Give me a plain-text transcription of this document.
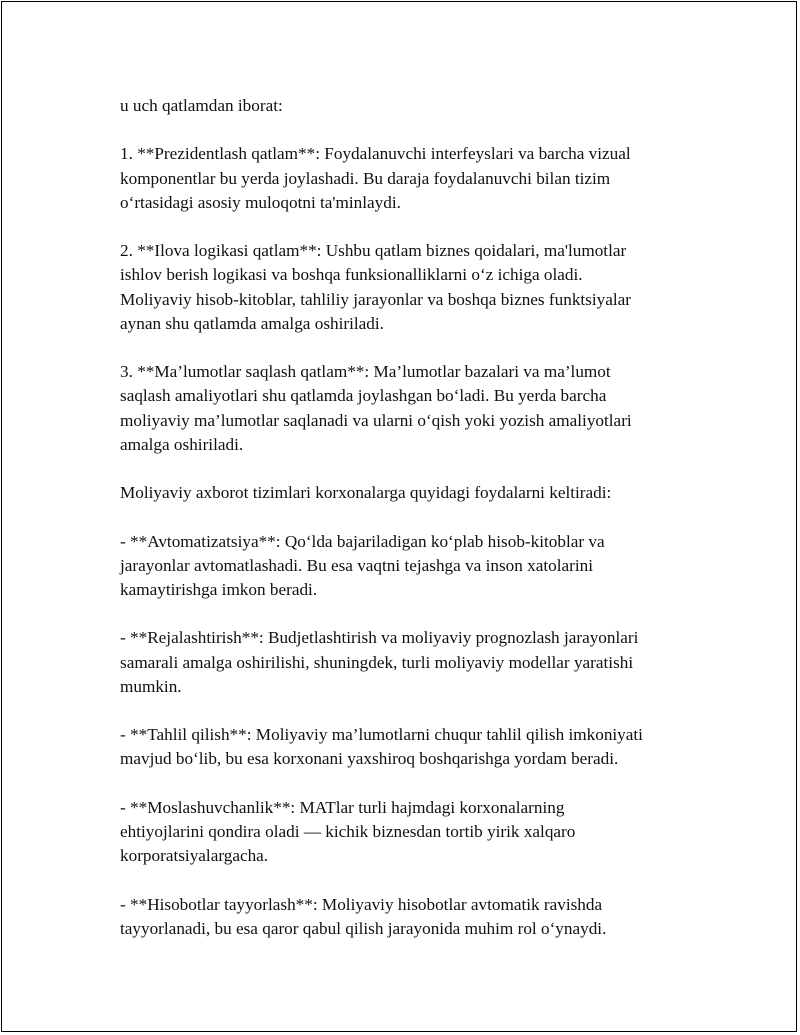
u uch qatlamdan iborat:

1. **Prezidentlash qatlam**: Foydalanuvchi interfeyslari va barcha vizual
komponentlar bu yerda joylashadi. Bu daraja foydalanuvchi bilan tizim
o‘rtasidagi asosiy muloqotni ta'minlaydi.

2. **Ilova logikasi qatlam**: Ushbu qatlam biznes qoidalari, ma'lumotlar
ishlov berish logikasi va boshqa funksionalliklarni o‘z ichiga oladi.
Moliyaviy hisob-kitoblar, tahliliy jarayonlar va boshqa biznes funktsiyalar
aynan shu qatlamda amalga oshiriladi.

3. **Ma’lumotlar saqlash qatlam**: Ma’lumotlar bazalari va ma’lumot
saqlash amaliyotlari shu qatlamda joylashgan bo‘ladi. Bu yerda barcha
moliyaviy ma’lumotlar saqlanadi va ularni o‘qish yoki yozish amaliyotlari
amalga oshiriladi.

Moliyaviy axborot tizimlari korxonalarga quyidagi foydalarni keltiradi:

- **Avtomatizatsiya**: Qo‘lda bajariladigan ko‘plab hisob-kitoblar va
jarayonlar avtomatlashadi. Bu esa vaqtni tejashga va inson xatolarini
kamaytirishga imkon beradi.

- **Rejalashtirish**: Budjetlashtirish va moliyaviy prognozlash jarayonlari
samarali amalga oshirilishi, shuningdek, turli moliyaviy modellar yaratishi
mumkin.

- **Tahlil qilish**: Moliyaviy ma’lumotlarni chuqur tahlil qilish imkoniyati
mavjud bo‘lib, bu esa korxonani yaxshiroq boshqarishga yordam beradi.

- **Moslashuvchanlik**: MATlar turli hajmdagi korxonalarning
ehtiyojlarini qondira oladi — kichik biznesdan tortib yirik xalqaro
korporatsiyalargacha.

- **Hisobotlar tayyorlash**: Moliyaviy hisobotlar avtomatik ravishda
tayyorlanadi, bu esa qaror qabul qilish jarayonida muhim rol o‘ynaydi.
